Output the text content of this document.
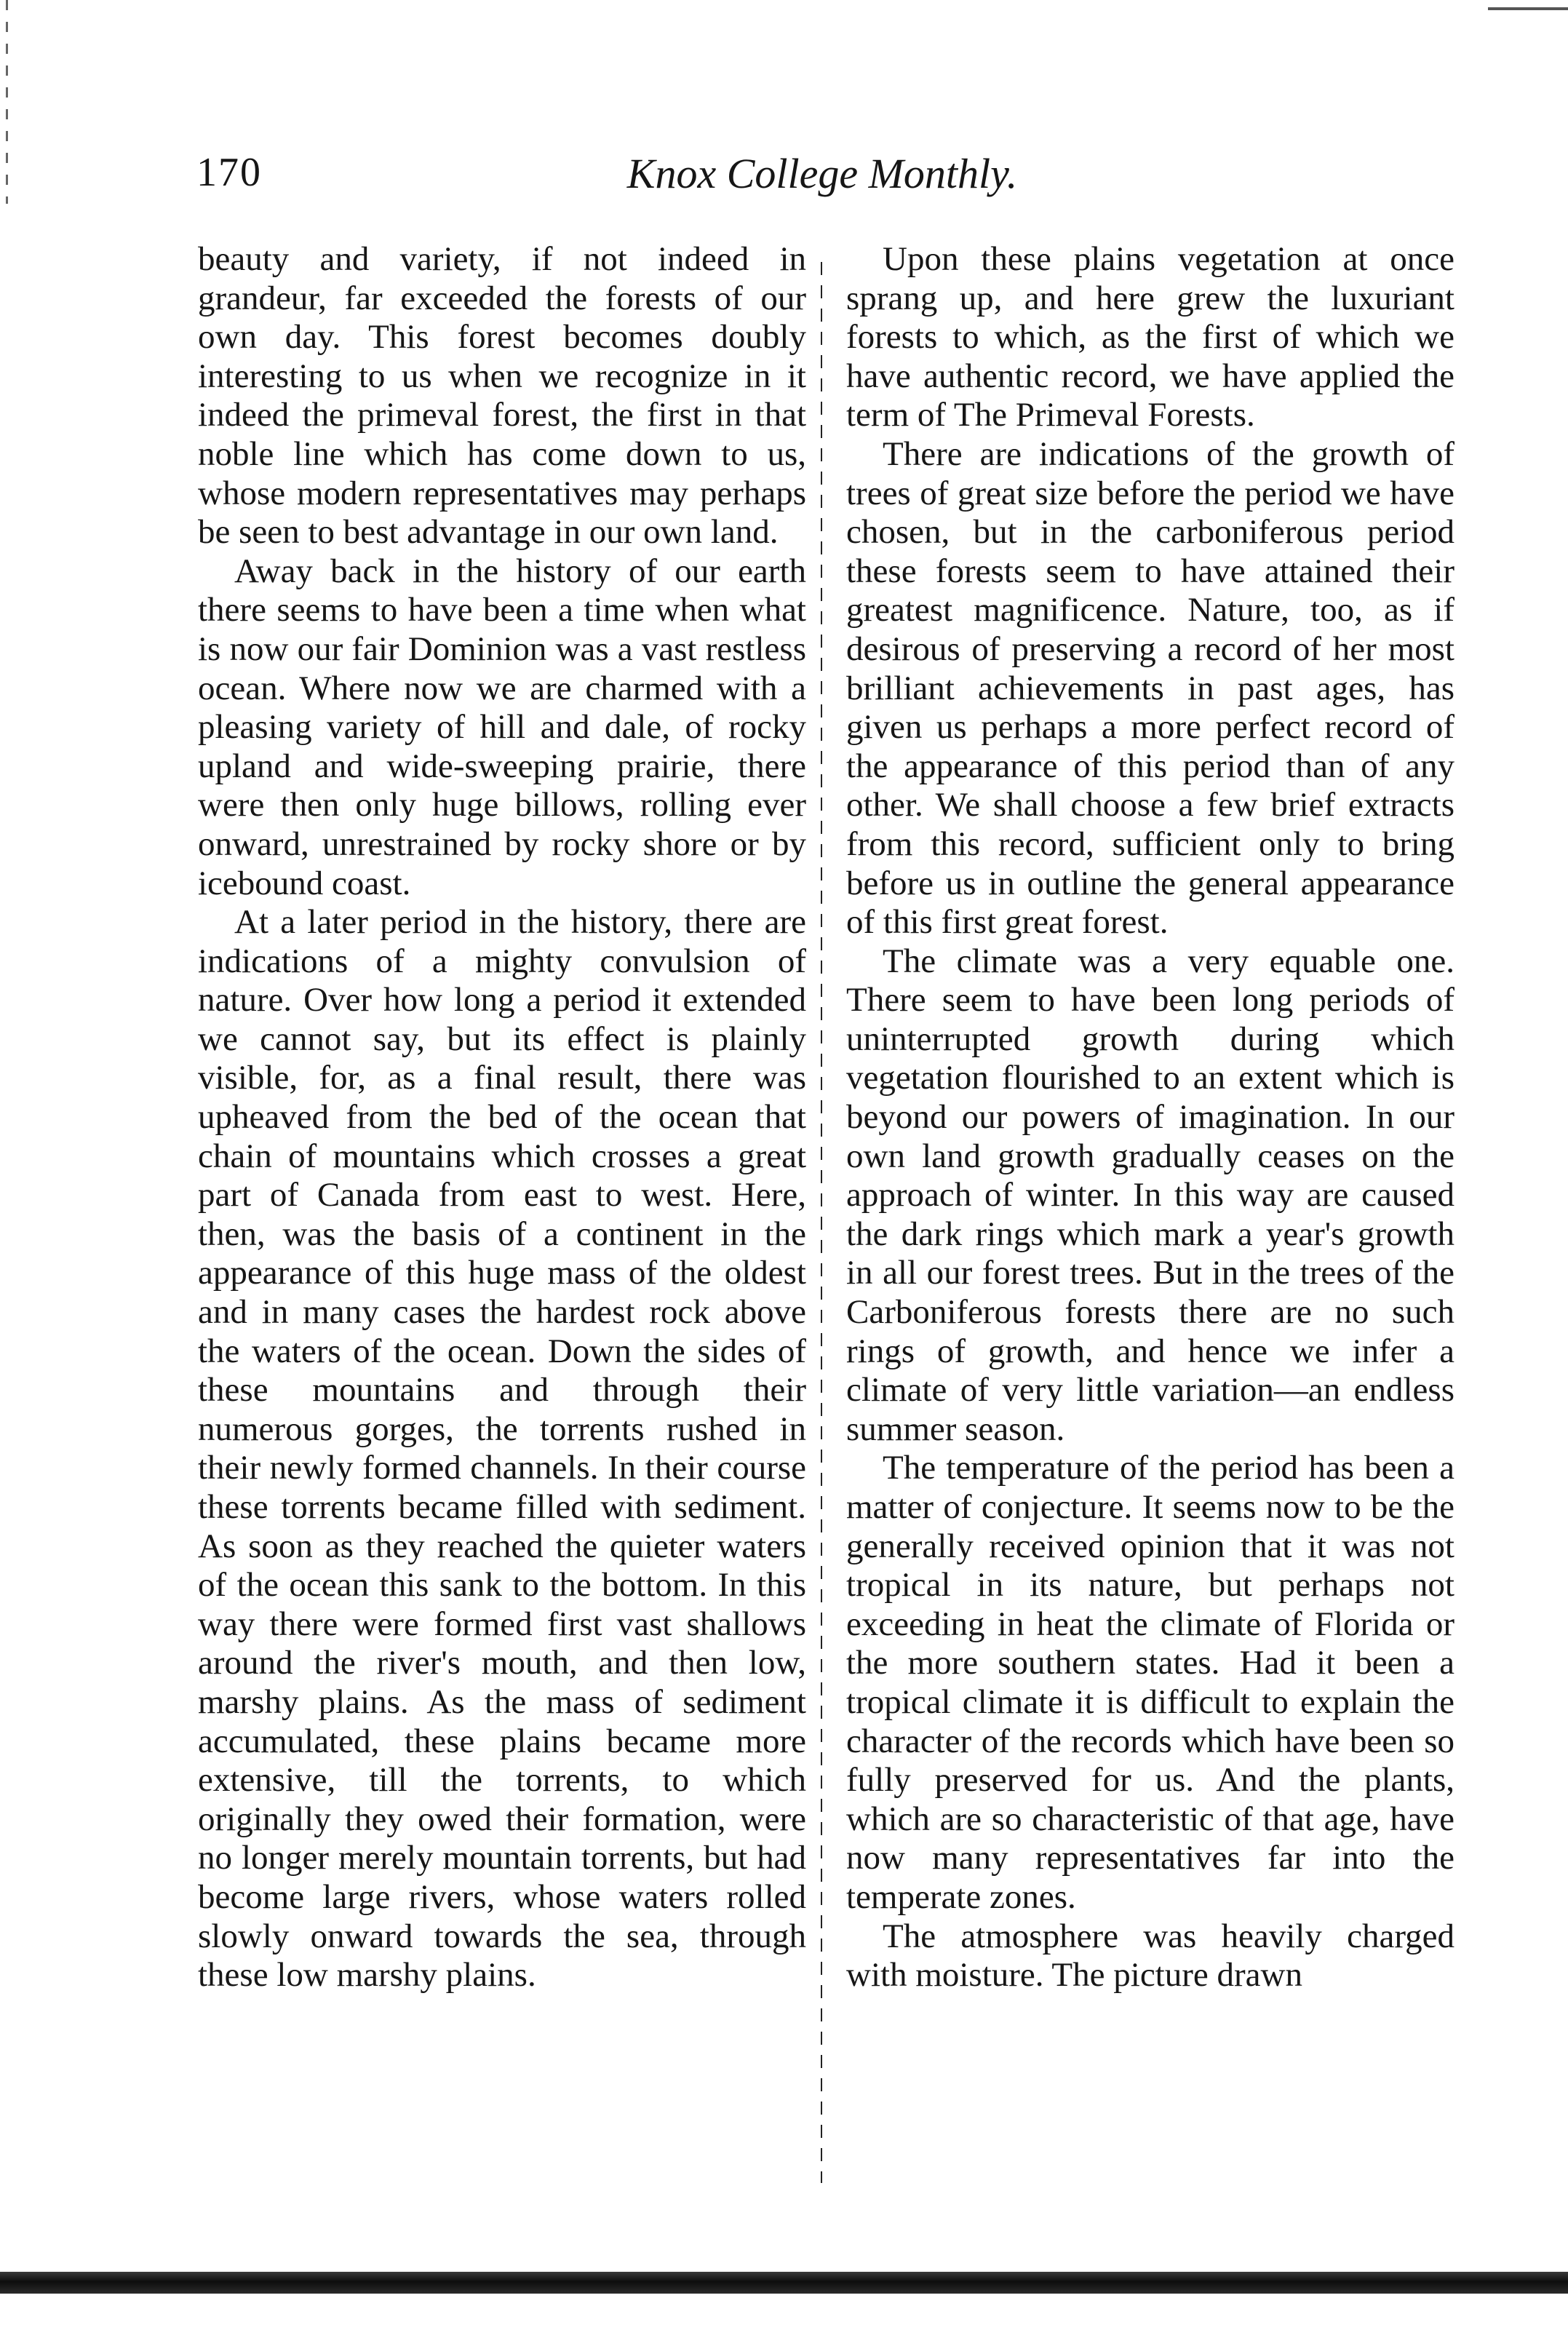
170	Knox College Monthly.

beauty and variety, if not indeed in grandeur, far exceeded the forests of our own day. This forest becomes doubly interesting to us when we recognize in it indeed the primeval forest, the first in that noble line which has come down to us, whose modern representatives may perhaps be seen to best advantage in our own land.

Away back in the history of our earth there seems to have been a time when what is now our fair Dominion was a vast restless ocean. Where now we are charmed with a pleasing variety of hill and dale, of rocky upland and wide-sweeping prairie, there were then only huge billows, rolling ever onward, unrestrained by rocky shore or by icebound coast.

At a later period in the history, there are indications of a mighty convulsion of nature. Over how long a period it extended we cannot say, but its effect is plainly visible, for, as a final result, there was upheaved from the bed of the ocean that chain of mountains which crosses a great part of Canada from east to west. Here, then, was the basis of a continent in the appearance of this huge mass of the oldest and in many cases the hardest rock above the waters of the ocean. Down the sides of these mountains and through their numerous gorges, the torrents rushed in their newly formed channels. In their course these torrents became filled with sediment. As soon as they reached the quieter waters of the ocean this sank to the bottom. In this way there were formed first vast shallows around the river's mouth, and then low, marshy plains. As the mass of sediment accumulated, these plains became more extensive, till the torrents, to which originally they owed their formation, were no longer merely mountain torrents, but had become large rivers, whose waters rolled slowly onward towards the sea, through these low marshy plains.

Upon these plains vegetation at once sprang up, and here grew the luxuriant forests to which, as the first of which we have authentic record, we have applied the term of The Primeval Forests.

There are indications of the growth of trees of great size before the period we have chosen, but in the carboniferous period these forests seem to have attained their greatest magnificence. Nature, too, as if desirous of preserving a record of her most brilliant achievements in past ages, has given us perhaps a more perfect record of the appearance of this period than of any other. We shall choose a few brief extracts from this record, sufficient only to bring before us in outline the general appearance of this first great forest.

The climate was a very equable one. There seem to have been long periods of uninterrupted growth during which vegetation flourished to an extent which is beyond our powers of imagination. In our own land growth gradually ceases on the approach of winter. In this way are caused the dark rings which mark a year's growth in all our forest trees. But in the trees of the Carboniferous forests there are no such rings of growth, and hence we infer a climate of very little variation—an endless summer season.

The temperature of the period has been a matter of conjecture. It seems now to be the generally received opinion that it was not tropical in its nature, but perhaps not exceeding in heat the climate of Florida or the more southern states. Had it been a tropical climate it is difficult to explain the character of the records which have been so fully preserved for us. And the plants, which are so characteristic of that age, have now many representatives far into the temperate zones.

The atmosphere was heavily charged with moisture. The picture drawn
